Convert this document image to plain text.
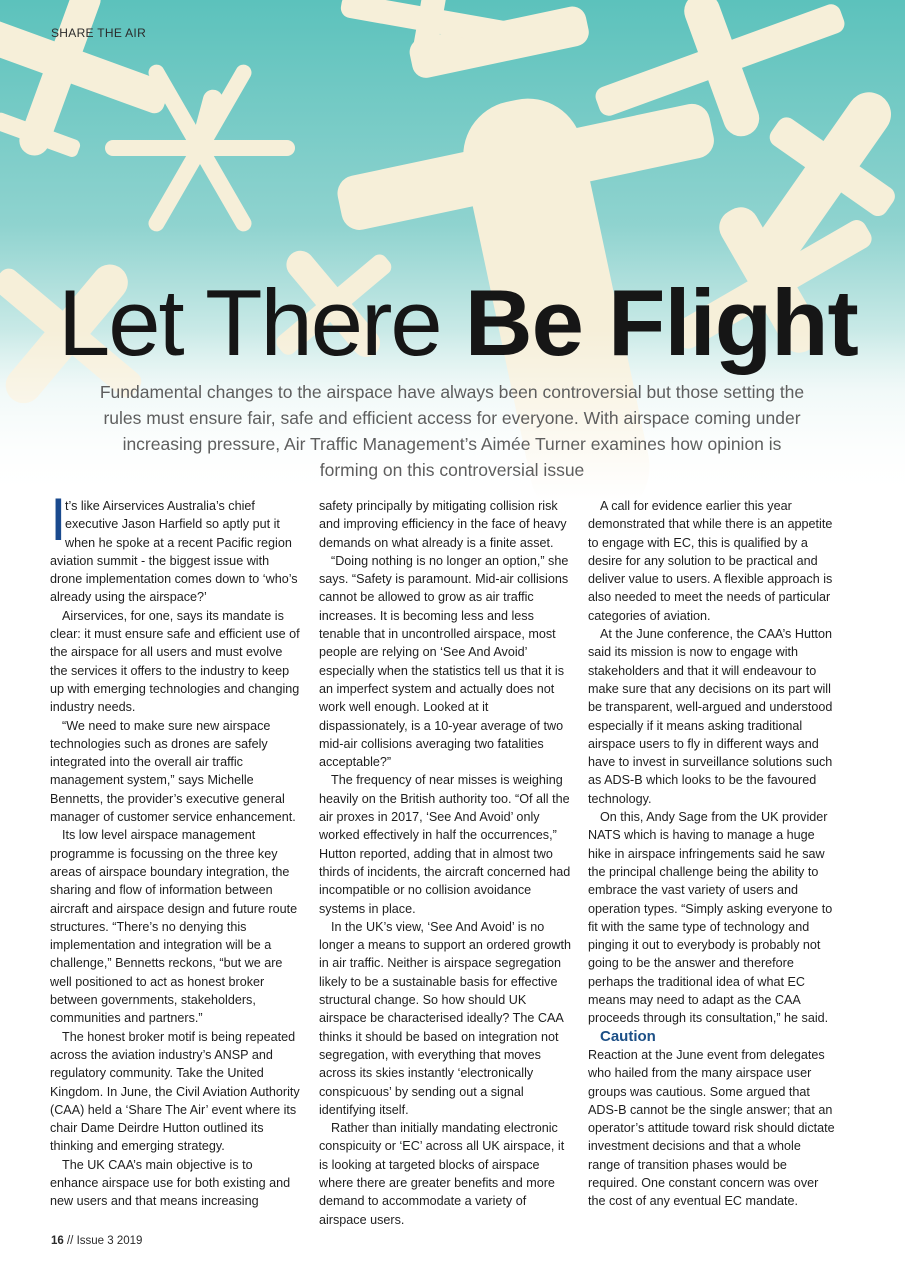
SHARE THE AIR
Let There Be Flight

Fundamental changes to the airspace have always been controversial but those setting the rules must ensure fair, safe and efficient access for everyone. With airspace coming under increasing pressure, Air Traffic Management’s Aimée Turner examines how opinion is forming on this controversial issue

I
t’s like Airservices Australia’s chief executive Jason Harfield so aptly put it when he spoke at a recent Pacific region aviation summit - the biggest issue with drone implementation comes down to ‘who’s already using the airspace?’

Airservices, for one, says its mandate is clear: it must ensure safe and efficient use of the airspace for all users and must evolve the services it offers to the industry to keep up with emerging technologies and changing industry needs.

“We need to make sure new airspace technologies such as drones are safely integrated into the overall air traffic management system,” says Michelle Bennetts, the provider’s executive general manager of customer service enhancement.

Its low level airspace management programme is focussing on the three key areas of airspace boundary integration, the sharing and flow of information between aircraft and airspace design and future route structures. “There’s no denying this implementation and integration will be a challenge,” Bennetts reckons, “but we are well positioned to act as honest broker between governments, stakeholders, communities and partners.”

The honest broker motif is being repeated across the aviation industry’s ANSP and regulatory community. Take the United Kingdom. In June, the Civil Aviation Authority (CAA) held a ‘Share The Air’ event where its chair Dame Deirdre Hutton outlined its thinking and emerging strategy.

The UK CAA’s main objective is to enhance airspace use for both existing and new users and that means increasing

safety principally by mitigating collision risk and improving efficiency in the face of heavy demands on what already is a finite asset.

“Doing nothing is no longer an option,” she says. “Safety is paramount. Mid-air collisions cannot be allowed to grow as air traffic increases. It is becoming less and less tenable that in uncontrolled airspace, most people are relying on ‘See And Avoid’ especially when the statistics tell us that it is an imperfect system and actually does not work well enough. Looked at it dispassionately, is a 10-year average of two mid-air collisions averaging two fatalities acceptable?”

The frequency of near misses is weighing heavily on the British authority too. “Of all the air proxes in 2017, ‘See And Avoid’ only worked effectively in half the occurrences,” Hutton reported, adding that in almost two thirds of incidents, the aircraft concerned had incompatible or no collision avoidance systems in place.

In the UK’s view, ‘See And Avoid’ is no longer a means to support an ordered growth in air traffic. Neither is airspace segregation likely to be a sustainable basis for effective structural change. So how should UK airspace be characterised ideally? The CAA thinks it should be based on integration not segregation, with everything that moves across its skies instantly ‘electronically conspicuous’ by sending out a signal identifying itself.

Rather than initially mandating electronic conspicuity or ‘EC’ across all UK airspace, it is looking at targeted blocks of airspace where there are greater benefits and more demand to accommodate a variety of airspace users.

A call for evidence earlier this year demonstrated that while there is an appetite to engage with EC, this is qualified by a desire for any solution to be practical and deliver value to users. A flexible approach is also needed to meet the needs of particular categories of aviation.

At the June conference, the CAA’s Hutton said its mission is now to engage with stakeholders and that it will endeavour to make sure that any decisions on its part will be transparent, well-argued and understood especially if it means asking traditional airspace users to fly in different ways and have to invest in surveillance solutions such as ADS-B which looks to be the favoured technology.

On this, Andy Sage from the UK provider NATS which is having to manage a huge hike in airspace infringements said he saw the principal challenge being the ability to embrace the vast variety of users and operation types. “Simply asking everyone to fit with the same type of technology and pinging it out to everybody is probably not going to be the answer and therefore perhaps the traditional idea of what EC means may need to adapt as the CAA proceeds through its consultation,” he said.

Caution

Reaction at the June event from delegates who hailed from the many airspace user groups was cautious. Some argued that ADS-B cannot be the single answer; that an operator’s attitude toward risk should dictate investment decisions and that a whole range of transition phases would be required. One constant concern was over the cost of any eventual EC mandate.

16 // Issue 3 2019
